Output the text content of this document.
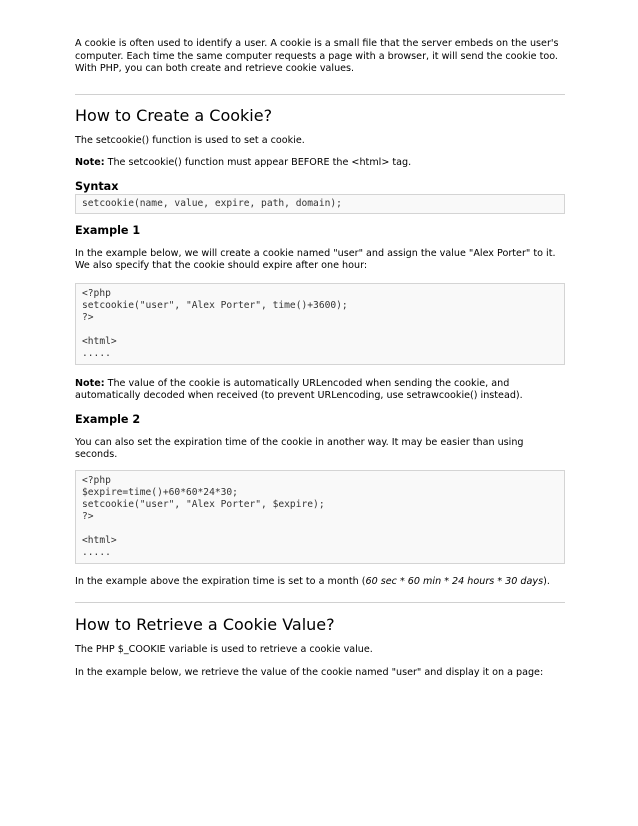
A cookie is often used to identify a user. A cookie is a small file that the server embeds on the user's computer. Each time the same computer requests a page with a browser, it will send the cookie too. With PHP, you can both create and retrieve cookie values.

How to Create a Cookie?

The setcookie() function is used to set a cookie.

Note: The setcookie() function must appear BEFORE the <html> tag.

Syntax
setcookie(name, value, expire, path, domain);
Example 1

In the example below, we will create a cookie named "user" and assign the value "Alex Porter" to it. We also specify that the cookie should expire after one hour:

<?php
setcookie("user", "Alex Porter", time()+3600);
?>
<html>
.....

Note: The value of the cookie is automatically URLencoded when sending the cookie, and automatically decoded when received (to prevent URLencoding, use setrawcookie() instead).

Example 2

You can also set the expiration time of the cookie in another way. It may be easier than using seconds.

<?php
$expire=time()+60*60*24*30;
setcookie("user", "Alex Porter", $expire);
?>
<html>
.....

In the example above the expiration time is set to a month (60 sec * 60 min * 24 hours * 30 days).

How to Retrieve a Cookie Value?

The PHP $_COOKIE variable is used to retrieve a cookie value.

In the example below, we retrieve the value of the cookie named "user" and display it on a page:
